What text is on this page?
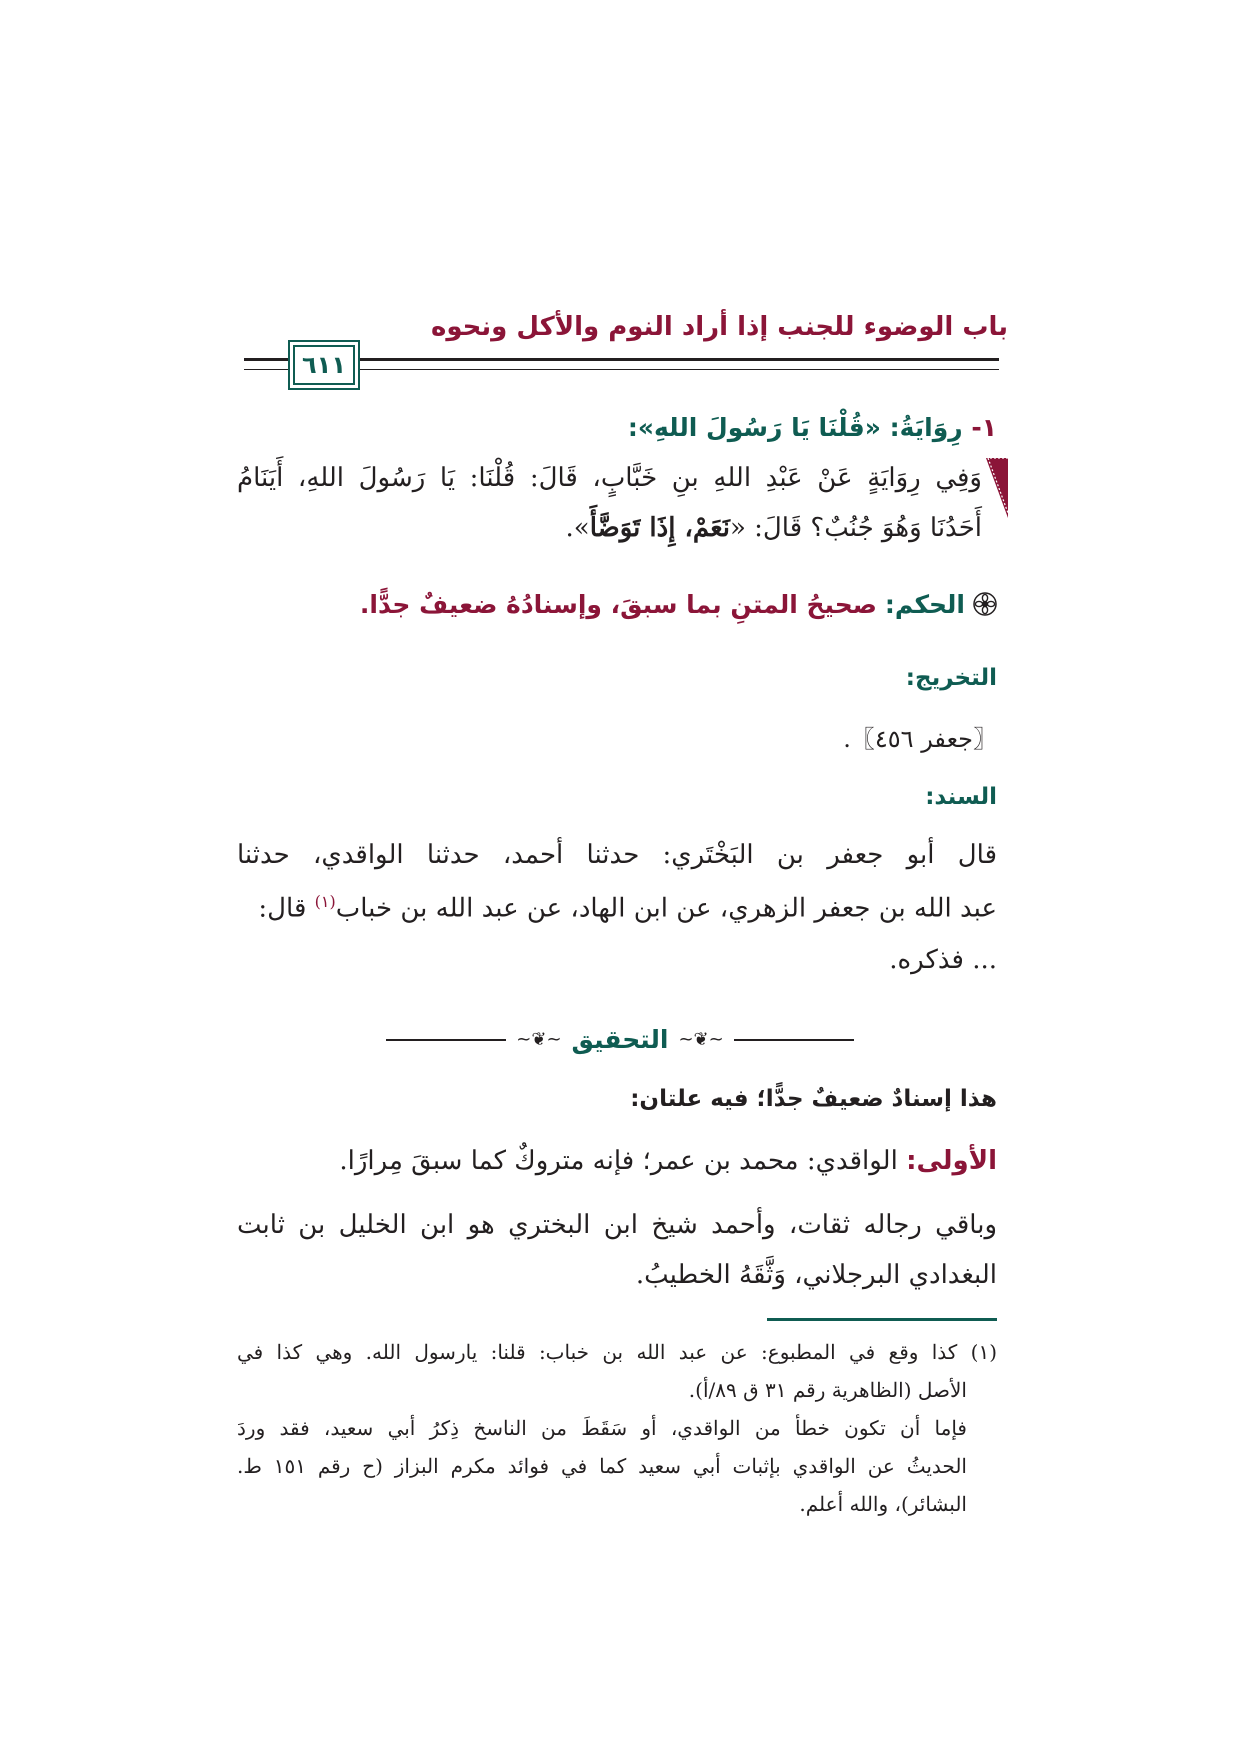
باب الوضوء للجنب إذا أراد النوم والأكل ونحوه
٦١١
١- رِوَايَةُ: «قُلْنَا يَا رَسُولَ اللهِ»:
وَفِي رِوَايَةٍ عَنْ عَبْدِ اللهِ بنِ خَبَّابٍ، قَالَ: قُلْنَا: يَا رَسُولَ اللهِ، أَيَنَامُ
أَحَدُنَا وَهُوَ جُنُبٌ؟ قَالَ: «نَعَمْ، إِذَا تَوَضَّأَ».
الحكم: صحيحُ المتنِ بما سبقَ، وإسنادُهُ ضعيفٌ جدًّا.
التخريج:
〖جعفر ٤٥٦〗.
السند:
قال أبو جعفر بن البَخْتَري: حدثنا أحمد، حدثنا الواقدي، حدثنا
عبد الله بن جعفر الزهري، عن ابن الهاد، عن عبد الله بن خباب$^{(١)}$ قال:
... فذكره.
~❦~
التحقيق
~❦~
هذا إسنادٌ ضعيفٌ جدًّا؛ فيه علتان:
الأولى: الواقدي: محمد بن عمر؛ فإنه متروكٌ كما سبقَ مِرارًا.
وباقي رجاله ثقات، وأحمد شيخ ابن البختري هو ابن الخليل بن ثابت
البغدادي البرجلاني، وَثَّقَهُ الخطيبُ.
(١) كذا وقع في المطبوع: عن عبد الله بن خباب: قلنا: يارسول الله. وهي كذا في
الأصل (الظاهرية رقم ٣١ ق ٨٩/أ).
فإما أن تكون خطأ من الواقدي، أو سَقَطَ من الناسخ ذِكرُ أبي سعيد، فقد وردَ
الحديثُ عن الواقدي بإثبات أبي سعيد كما في فوائد مكرم البزاز (ح رقم ١٥١ ط.
البشائر)، والله أعلم.
